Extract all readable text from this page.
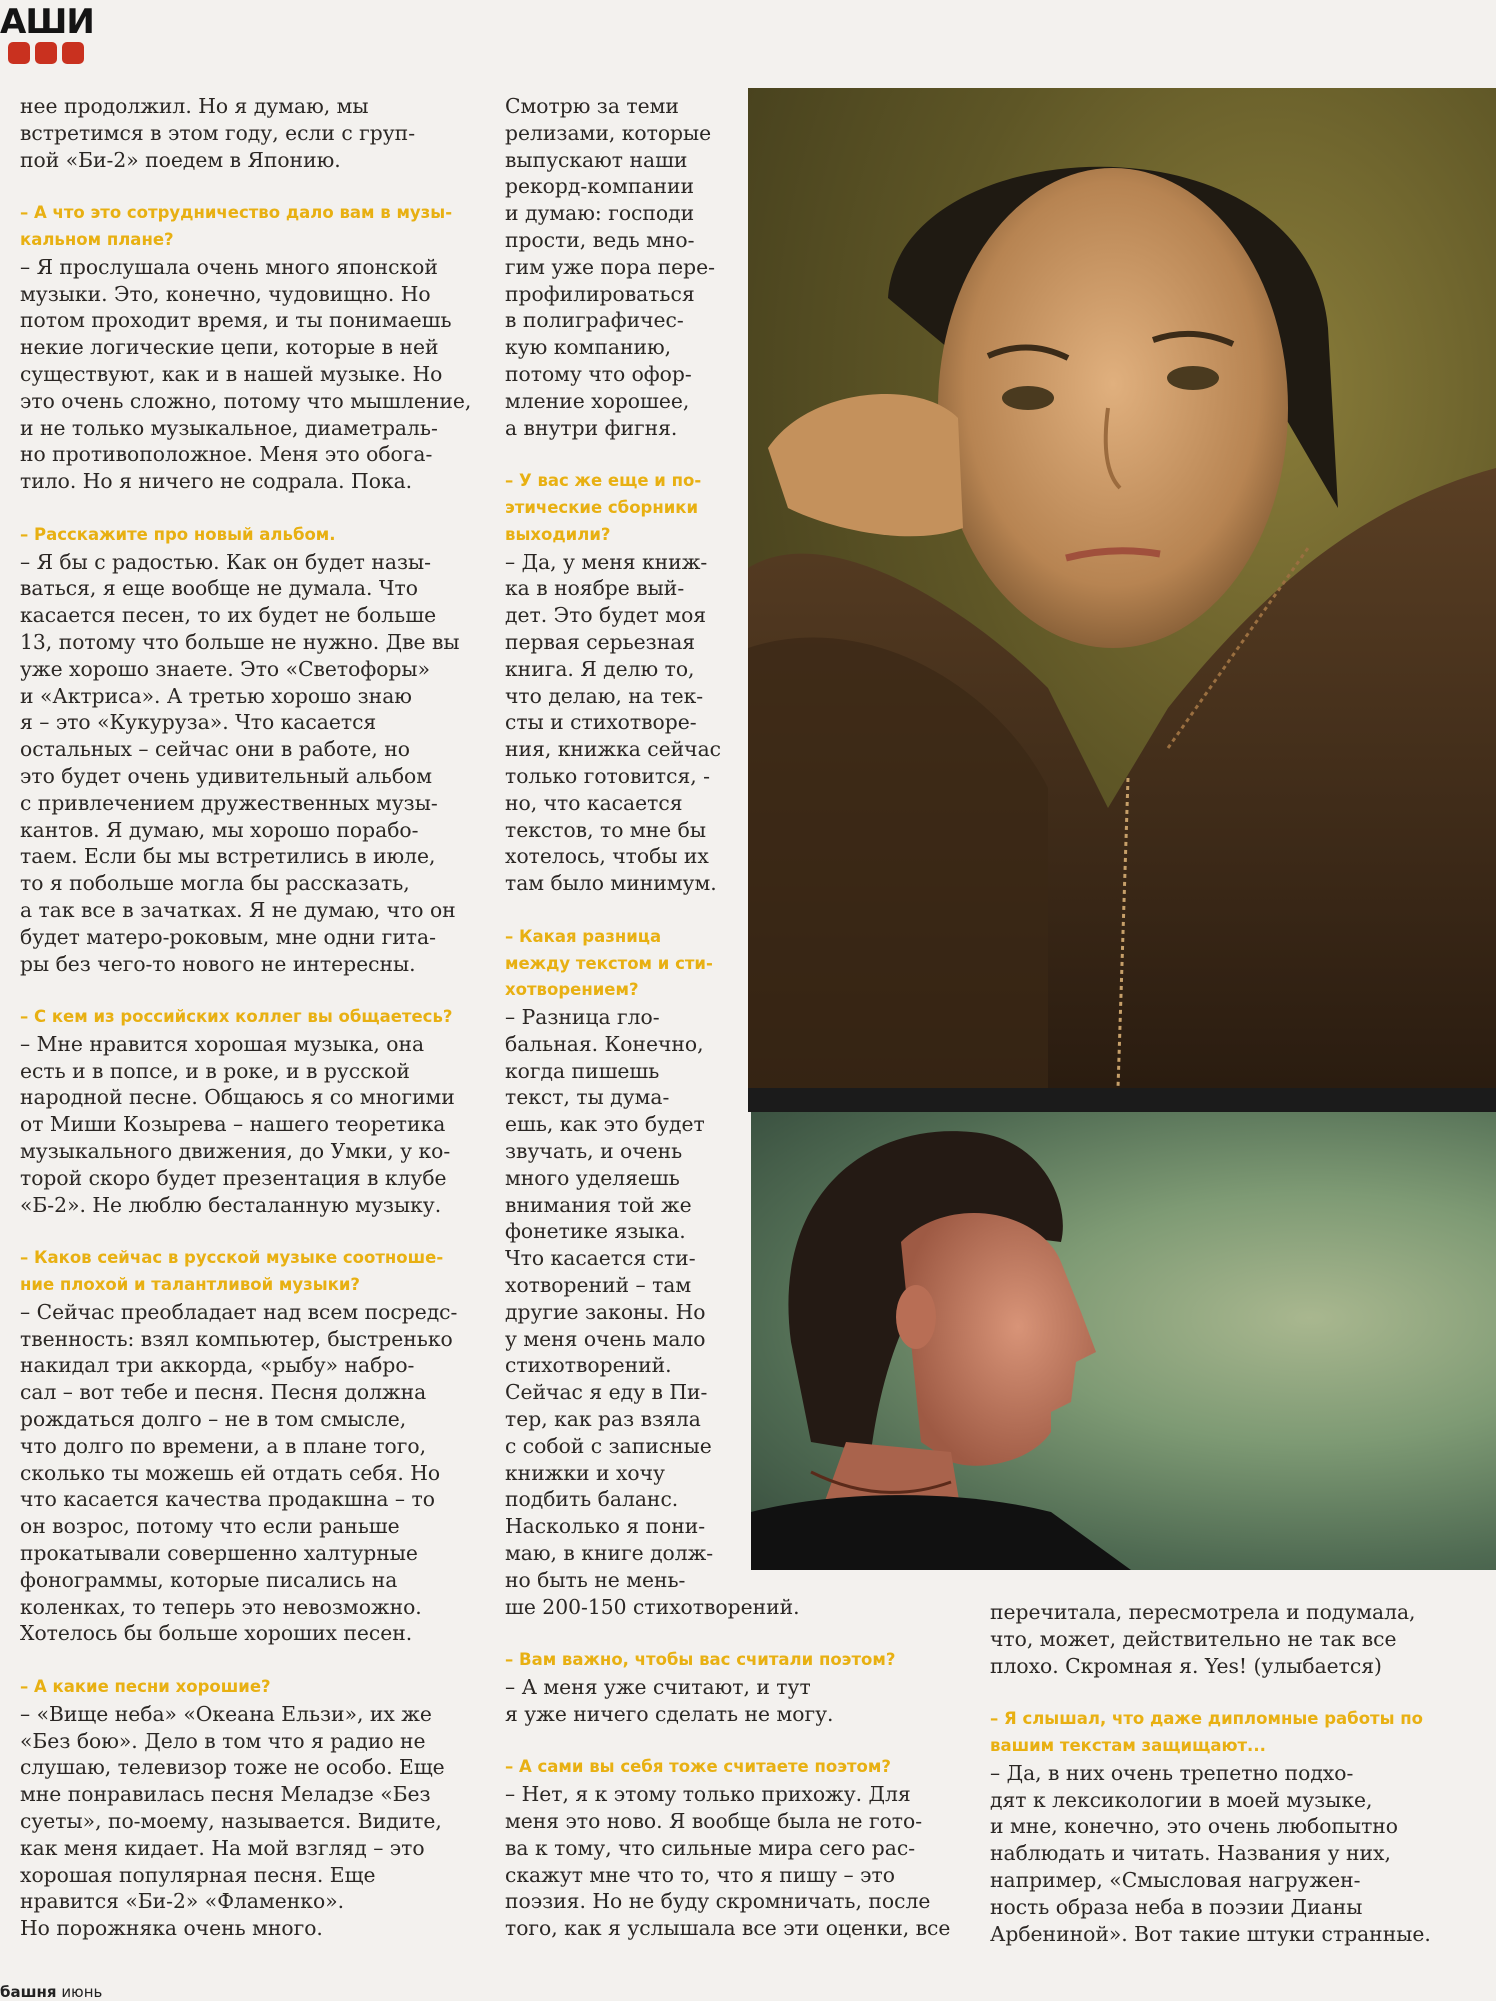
АШИ

нее продолжил. Но я думаю, мы
встретимся в этом году, если с груп-
пой «Би-2» поедем в Японию.

– А что это сотрудничество дало вам в музы-
кальном плане?

– Я прослушала очень много японской
музыки. Это, конечно, чудовищно. Но
потом проходит время, и ты понимаешь
некие логические цепи, которые в ней
существуют, как и в нашей музыке. Но
это очень сложно, потому что мышление,
и не только музыкальное, диаметраль-
но противоположное. Меня это обога-
тило. Но я ничего не содрала. Пока.

– Расскажите про новый альбом.

– Я бы с радостью. Как он будет назы-
ваться, я еще вообще не думала. Что
касается песен, то их будет не больше
13, потому что больше не нужно. Две вы
уже хорошо знаете. Это «Светофоры»
и «Актриса». А третью хорошо знаю
я – это «Кукуруза». Что касается
остальных – сейчас они в работе, но
это будет очень удивительный альбом
с привлечением дружественных музы-
кантов. Я думаю, мы хорошо порабо-
таем. Если бы мы встретились в июле,
то я побольше могла бы рассказать,
а так все в зачатках. Я не думаю, что он
будет матеро-роковым, мне одни гита-
ры без чего-то нового не интересны.

– С кем из российских коллег вы общаетесь?

– Мне нравится хорошая музыка, она
есть и в попсе, и в роке, и в русской
народной песне. Общаюсь я со многими
от Миши Козырева – нашего теоретика
музыкального движения, до Умки, у ко-
торой скоро будет презентация в клубе
«Б-2». Не люблю бесталанную музыку.

– Каков сейчас в русской музыке соотноше-
ние плохой и талантливой музыки?

– Сейчас преобладает над всем посредс-
твенность: взял компьютер, быстренько
накидал три аккорда, «рыбу» набро-
сал – вот тебе и песня. Песня должна
рождаться долго – не в том смысле,
что долго по времени, а в плане того,
сколько ты можешь ей отдать себя. Но
что касается качества продакшна – то
он возрос, потому что если раньше
прокатывали совершенно халтурные
фонограммы, которые писались на
коленках, то теперь это невозможно.
Хотелось бы больше хороших песен.

– А какие песни хорошие?

– «Вище неба» «Океана Ельзи», их же
«Без бою». Дело в том что я радио не
слушаю, телевизор тоже не особо. Еще
мне понравилась песня Меладзе «Без
суеты», по-моему, называется. Видите,
как меня кидает. На мой взгляд – это
хорошая популярная песня. Еще
нравится «Би-2» «Фламенко».
Но порожняка очень много.

Смотрю за теми
релизами, которые
выпускают наши
рекорд-компании
и думаю: господи
прости, ведь мно-
гим уже пора пере-
профилироваться
в полиграфичес-
кую компанию,
потому что офор-
мление хорошее,
а внутри фигня.

– У вас же еще и по-
этические сборники
выходили?

– Да, у меня книж-
ка в ноябре вый-
дет. Это будет моя
первая серьезная
книга. Я делю то,
что делаю, на тек-
сты и стихотворе-
ния, книжка сейчас
только готовится, -
но, что касается
текстов, то мне бы
хотелось, чтобы их
там было минимум.

– Какая разница
между текстом и сти-
хотворением?

– Разница гло-
бальная. Конечно,
когда пишешь
текст, ты дума-
ешь, как это будет
звучать, и очень
много уделяешь
внимания той же
фонетике языка.
Что касается сти-
хотворений – там
другие законы. Но
у меня очень мало
стихотворений.
Сейчас я еду в Пи-
тер, как раз взяла
с собой с записные
книжки и хочу
подбить баланс.
Насколько я пони-
маю, в книге долж-
но быть не мень-
ше 200-150 стихотворений.

– Вам важно, чтобы вас считали поэтом?

– А меня уже считают, и тут
я уже ничего сделать не могу.

– А сами вы себя тоже считаете поэтом?

– Нет, я к этому только прихожу. Для
меня это ново. Я вообще была не гото-
ва к тому, что сильные мира сего рас-
скажут мне что то, что я пишу – это
поэзия. Но не буду скромничать, после
того, как я услышала все эти оценки, все

перечитала, пересмотрела и подумала,
что, может, действительно не так все
плохо. Скромная я. Yes! (улыбается)

– Я слышал, что даже дипломные работы по
вашим текстам защищают...

– Да, в них очень трепетно подхо-
дят к лексикологии в моей музыке,
и мне, конечно, это очень любопытно
наблюдать и читать. Названия у них,
например, «Смысловая нагружен-
ность образа неба в поэзии Дианы
Арбениной». Вот такие штуки странные.

башня июнь
